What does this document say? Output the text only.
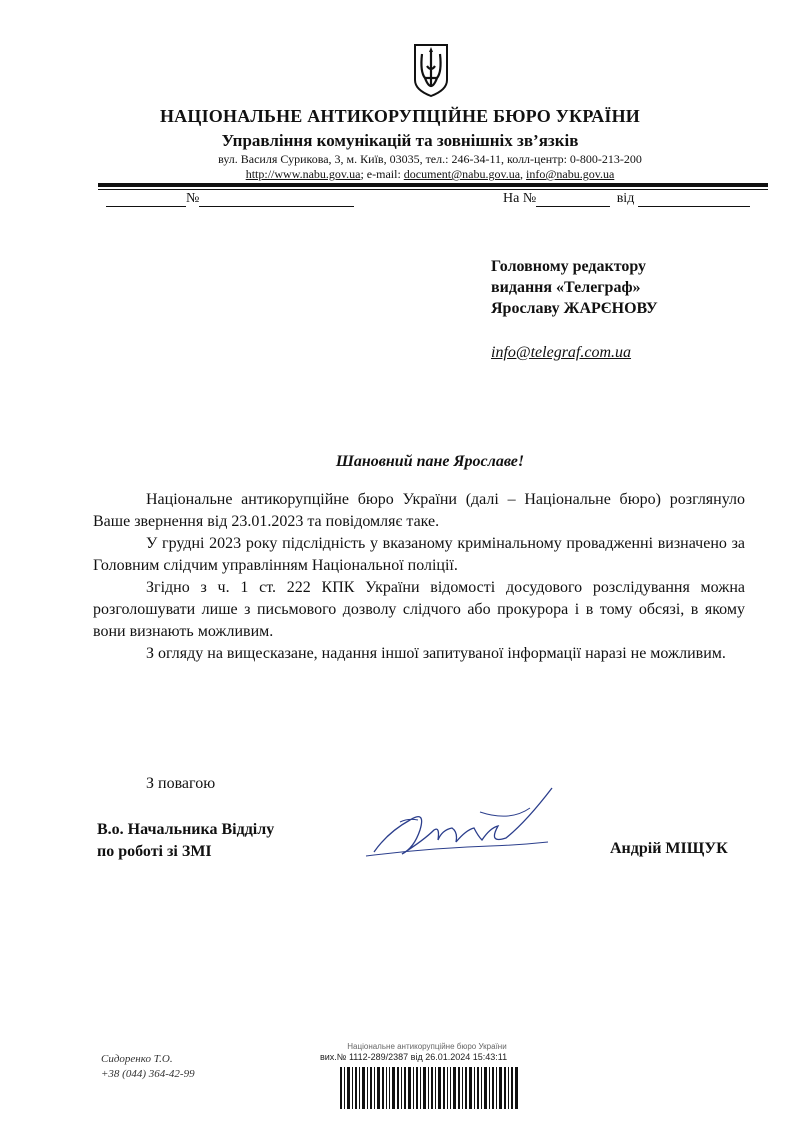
НАЦІОНАЛЬНЕ АНТИКОРУПЦІЙНЕ БЮРО УКРАЇНИ
Управління комунікацій та зовнішніх зв’язків
вул. Василя Сурикова, 3, м. Київ, 03035, тел.: 246-34-11, колл-центр: 0-800-213-200
http://www.nabu.gov.ua; e-mail: document@nabu.gov.ua, info@nabu.gov.ua
№	На №	від
Головному редактору
видання «Телеграф»
Ярославу ЖАРЄНОВУ
info@telegraf.com.ua
Шановний пане Ярославе!

Національне антикорупційне бюро України (далі – Національне бюро) розглянуло Ваше звернення від 23.01.2023 та повідомляє таке.

У грудні 2023 року підслідність у вказаному кримінальному провадженні визначено за Головним слідчим управлінням Національної поліції.

Згідно з ч. 1 ст. 222 КПК України відомості досудового розслідування можна розголошувати лише з письмового дозволу слідчого або прокурора і в тому обсязі, в якому вони визнають можливим.

З огляду на вищесказане, надання іншої запитуваної інформації наразі не можливим.

З повагою
В.о. Начальника Відділу
по роботі зі ЗМІ	Андрій МІЩУК
Сидоренко Т.О.
+38 (044) 364-42-99
Національне антикорупційне бюро України
вих.№ 1112-289/2387 від 26.01.2024 15:43:11
